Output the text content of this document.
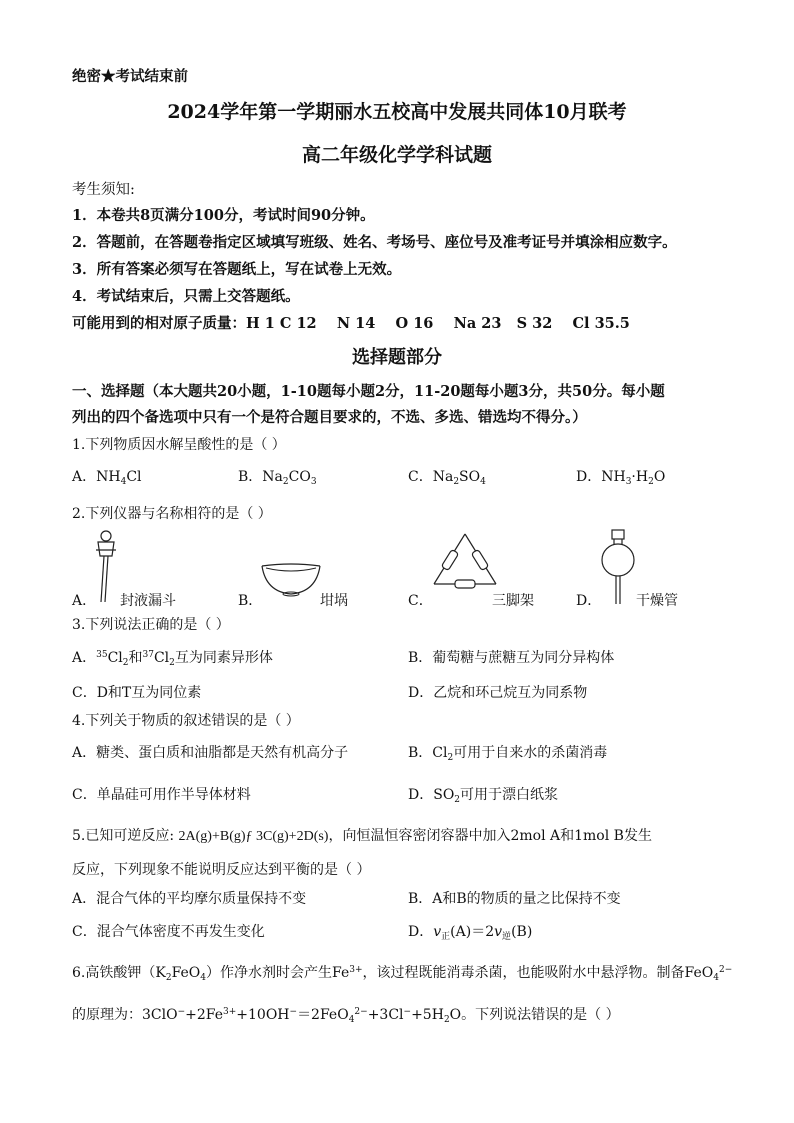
绝密★考试结束前
2024学年第一学期丽水五校高中发展共同体10月联考
高二年级化学学科试题
考生须知:
1．本卷共8页满分100分，考试时间90分钟。
2．答题前，在答题卷指定区域填写班级、姓名、考场号、座位号及准考证号并填涂相应数字。
3．所有答案必须写在答题纸上，写在试卷上无效。
4．考试结束后，只需上交答题纸。
可能用到的相对原子质量：H 1 C 12    N 14    O 16    Na 23   S 32    Cl 35.5
选择题部分
一、选择题（本大题共20小题，1-10题每小题2分，11-20题每小题3分，共50分。每小题
列出的四个备选项中只有一个是符合题目要求的，不选、多选、错选均不得分。）
1.下列物质因水解呈酸性的是（ ）
A．$NH_4Cl$	B．$Na_2CO_3$	C．$Na_2SO_4$	D．$NH_3\cdot H_2O$
2.下列仪器与名称相符的是（ ）
A． 封液漏斗	B．	坩埚	C．	三脚架	D． 干燥管
3.下列说法正确的是（ ）
A．$^{35}Cl_2$和$^{37}Cl_2$互为同素异形体	B．葡萄糖与蔗糖互为同分异构体
C．D和T互为同位素	D．乙烷和环己烷互为同系物
4.下列关于物质的叙述错误的是（ ）
A．糖类、蛋白质和油脂都是天然有机高分子	B．$Cl_2$可用于自来水的杀菌消毒
C．单晶硅可用作半导体材料	D．$SO_2$可用于漂白纸浆
5.已知可逆反应: 2A(g)+B(g)ƒ 3C(g)+2D(s)，向恒温恒容密闭容器中加入2mol A和1mol B发生
反应，下列现象不能说明反应达到平衡的是（ ）
A．混合气体的平均摩尔质量保持不变	B．A和B的物质的量之比保持不变
C．混合气体密度不再发生变化	D．$v_正(A)=2v_逆(B)$
6.高铁酸钾$(K_2FeO_4)$作净水剂时会产生$Fe^{3+}$，该过程既能消毒杀菌，也能吸附水中悬浮物。制备FeO$_4^{2-}$
的原理为：$3ClO^-+2Fe^{3+}+10OH^-=2FeO_4^{2-}+3Cl^-+5H_2O$。下列说法错误的是（ ）
